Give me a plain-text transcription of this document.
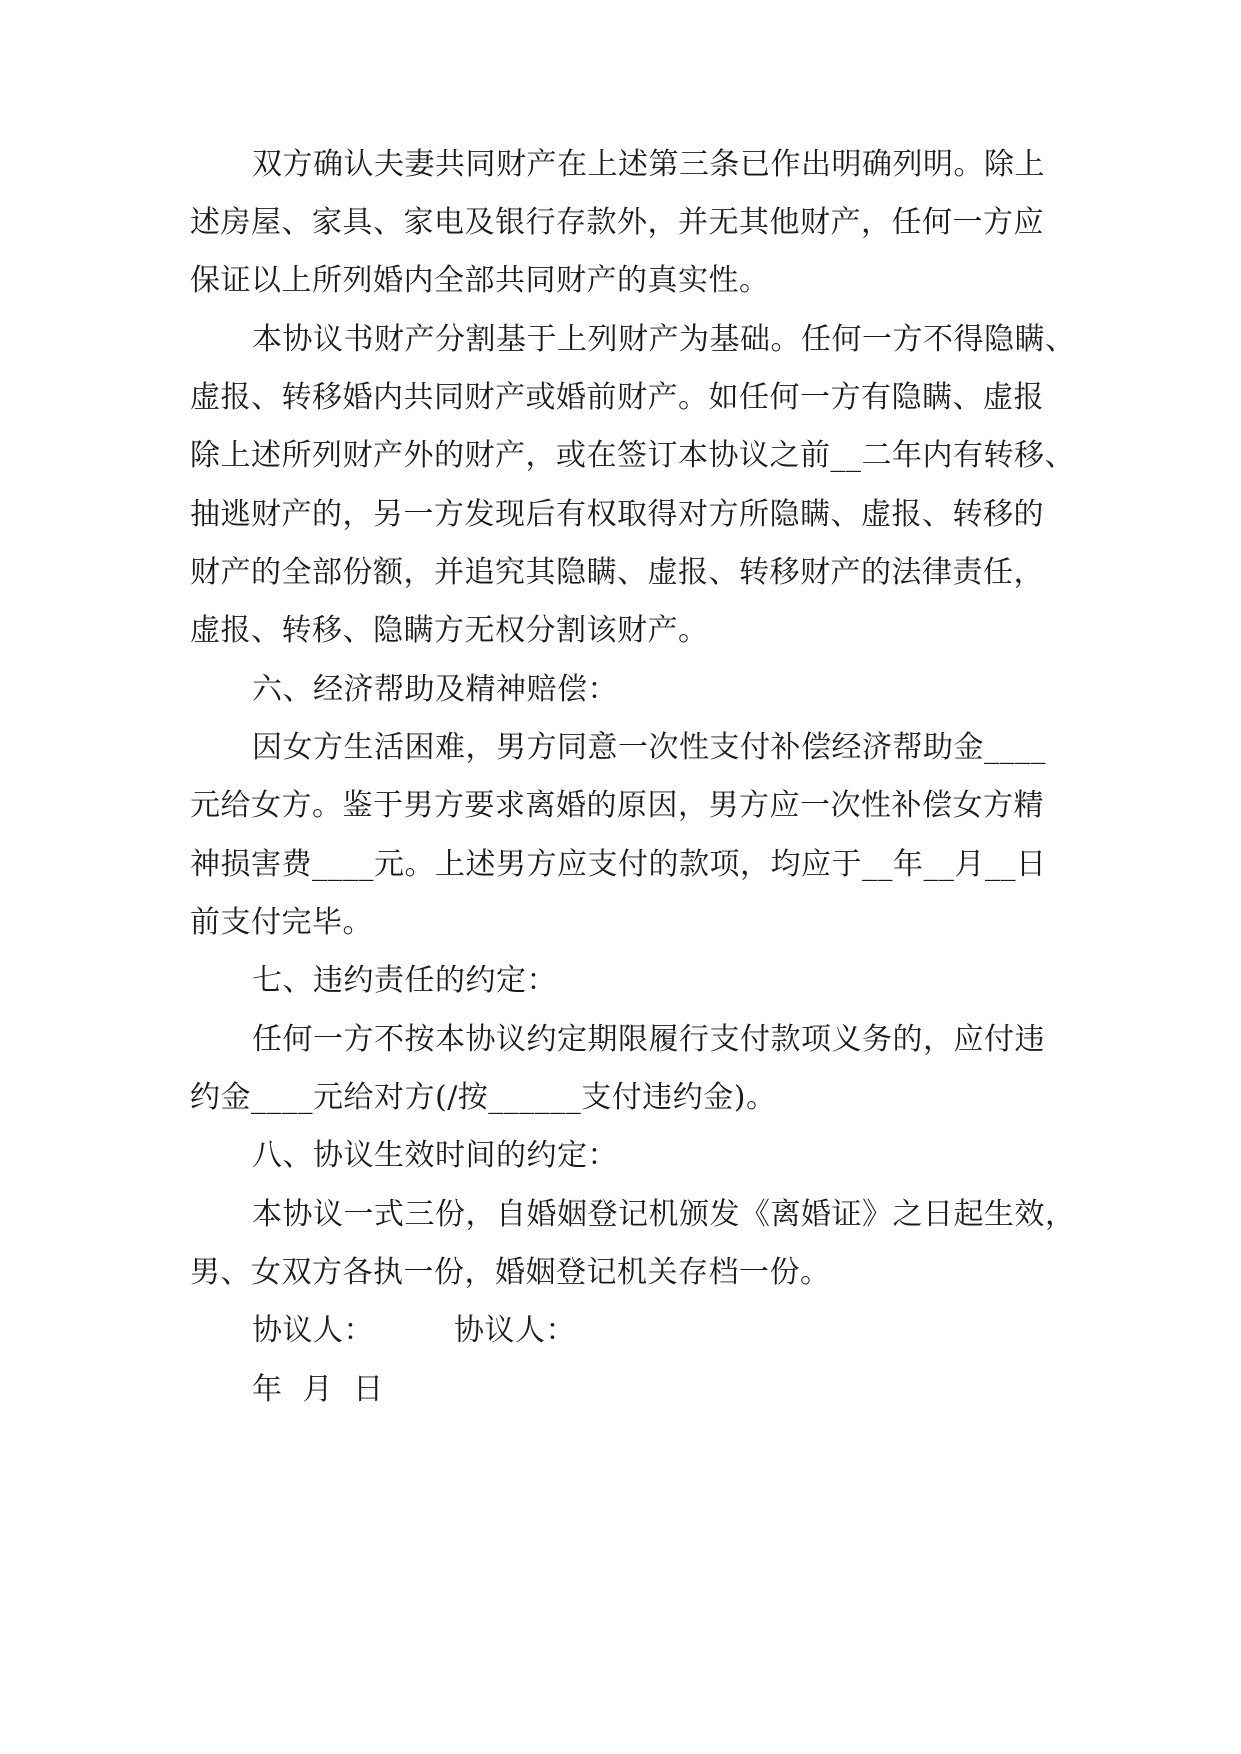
双方确认夫妻共同财产在上述第三条已作出明确列明。除上
述房屋、家具、家电及银行存款外，并无其他财产，任何一方应
保证以上所列婚内全部共同财产的真实性。
本协议书财产分割基于上列财产为基础。任何一方不得隐瞒、
虚报、转移婚内共同财产或婚前财产。如任何一方有隐瞒、虚报
除上述所列财产外的财产，或在签订本协议之前__二年内有转移、
抽逃财产的，另一方发现后有权取得对方所隐瞒、虚报、转移的
财产的全部份额，并追究其隐瞒、虚报、转移财产的法律责任，
虚报、转移、隐瞒方无权分割该财产。
六、经济帮助及精神赔偿：
因女方生活困难，男方同意一次性支付补偿经济帮助金____
元给女方。鉴于男方要求离婚的原因，男方应一次性补偿女方精
神损害费____元。上述男方应支付的款项，均应于__年__月__日
前支付完毕。
七、违约责任的约定：
任何一方不按本协议约定期限履行支付款项义务的，应付违
约金____元给对方(/按______支付违约金)。
八、协议生效时间的约定：
本协议一式三份，自婚姻登记机颁发《离婚证》之日起生效，
男、女双方各执一份，婚姻登记机关存档一份。
协议人：	协议人：
年  月  日
